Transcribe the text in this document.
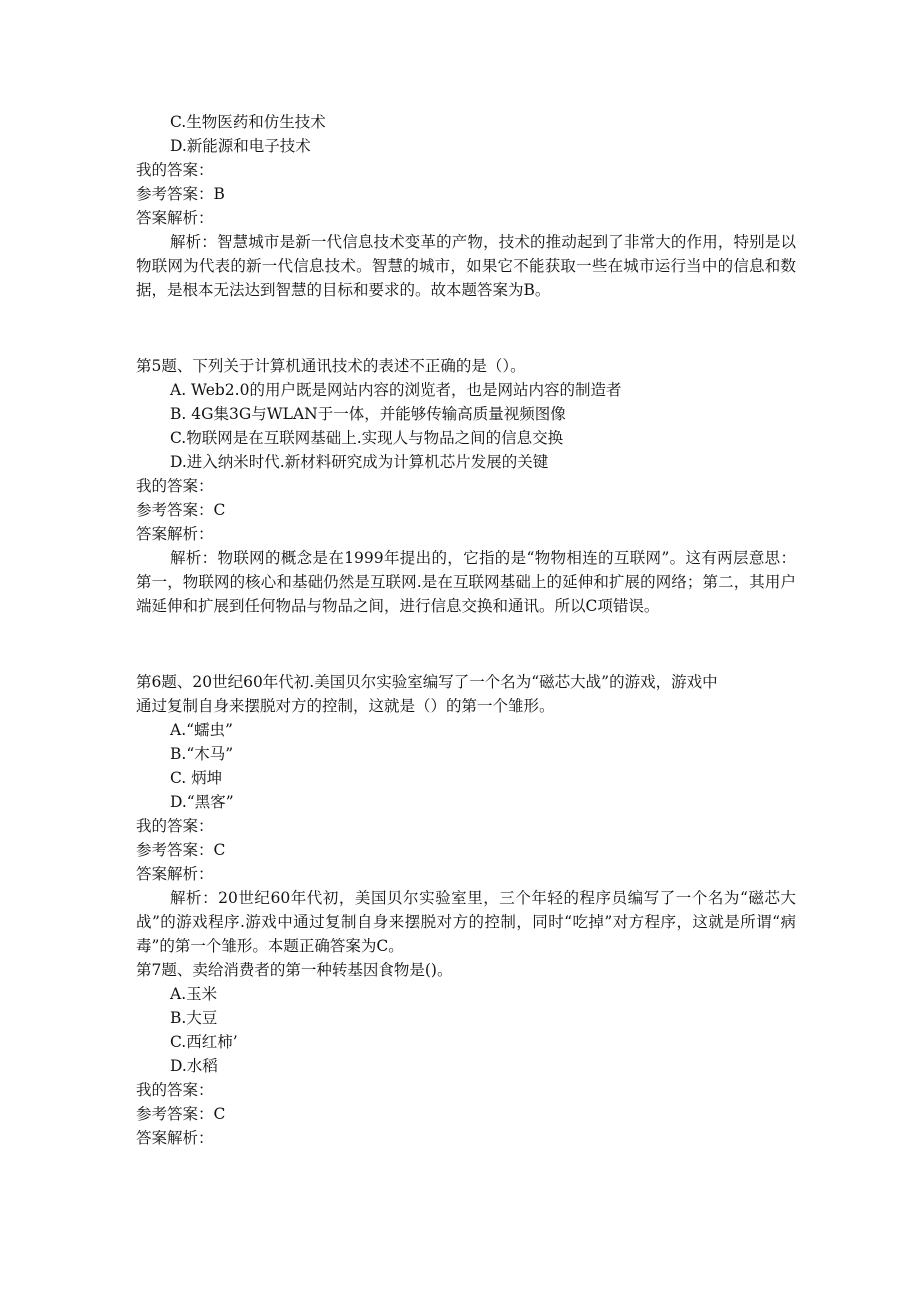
C.生物医药和仿生技术

D.新能源和电子技术

我的答案：

参考答案：B

答案解析：

解析：智慧城市是新一代信息技术变革的产物，技术的推动起到了非常大的作用，特别是以物联网为代表的新一代信息技术。智慧的城市，如果它不能获取一些在城市运行当中的信息和数据，是根本无法达到智慧的目标和要求的。故本题答案为B。

第5题、下列关于计算机通讯技术的表述不正确的是（）。

A. Web2.0的用户既是网站内容的浏览者，也是网站内容的制造者

B. 4G集3G与WLAN于一体，并能够传输高质量视频图像

C.物联网是在互联网基础上.实现人与物品之间的信息交换

D.进入纳米时代.新材料研究成为计算机芯片发展的关键

我的答案：

参考答案：C

答案解析：

解析：物联网的概念是在1999年提出的，它指的是“物物相连的互联网”。这有两层意思：第一，物联网的核心和基础仍然是互联网.是在互联网基础上的延伸和扩展的网络；第二，其用户端延伸和扩展到任何物品与物品之间，进行信息交换和通讯。所以C项错误。

第6题、20世纪60年代初.美国贝尔实验室编写了一个名为“磁芯大战”的游戏，游戏中

通过复制自身来摆脱对方的控制，这就是（）的第一个雏形。

A.“蠕虫”

B.“木马”

C. 炳坤

D.“黑客”

我的答案：

参考答案：C

答案解析：

解析：20世纪60年代初，美国贝尔实验室里，三个年轻的程序员编写了一个名为“磁芯大战”的游戏程序.游戏中通过复制自身来摆脱对方的控制，同时“吃掉”对方程序，这就是所谓“病毒”的第一个雏形。本题正确答案为C。

第7题、卖给消费者的第一种转基因食物是()。

A.玉米

B.大豆

C.西红柿’

D.水稻

我的答案：

参考答案：C

答案解析：
